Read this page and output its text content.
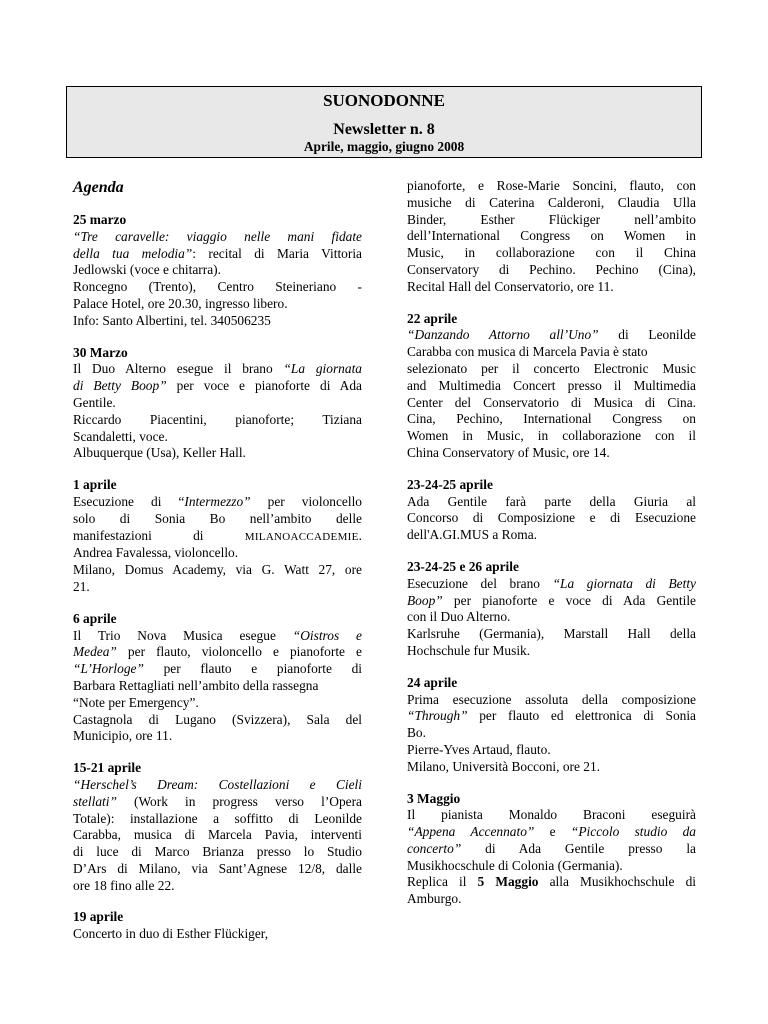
SUONODONNE
Newsletter n. 8
Aprile, maggio, giugno 2008
Agenda
25 marzo
“Tre caravelle: viaggio nelle mani fidate
della tua melodia”: recital di Maria Vittoria
Jedlowski (voce e chitarra).
Roncegno (Trento), Centro Steineriano -
Palace Hotel, ore 20.30, ingresso libero.
Info: Santo Albertini, tel. 340506235
30 Marzo
Il Duo Alterno esegue il brano “La giornata
di Betty Boop” per voce e pianoforte di Ada
Gentile.
Riccardo Piacentini, pianoforte; Tiziana
Scandaletti, voce.
Albuquerque (Usa), Keller Hall.
1 aprile
Esecuzione di “Intermezzo” per violoncello
solo di Sonia Bo nell’ambito delle
manifestazioni di MILANOACCADEMIE.
Andrea Favalessa, violoncello.
Milano, Domus Academy, via G. Watt 27, ore
21.
6 aprile
Il Trio Nova Musica esegue “Oistros e
Medea” per flauto, violoncello e pianoforte e
“L’Horloge” per flauto e pianoforte di
Barbara Rettagliati nell’ambito della rassegna
“Note per Emergency”.
Castagnola di Lugano (Svizzera), Sala del
Municipio, ore 11.
15-21 aprile
“Herschel’s Dream: Costellazioni e Cieli
stellati” (Work in progress verso l’Opera
Totale): installazione a soffitto di Leonilde
Carabba, musica di Marcela Pavia, interventi
di luce di Marco Brianza presso lo Studio
D’Ars di Milano, via Sant’Agnese 12/8, dalle
ore 18 fino alle 22.
19 aprile
Concerto in duo di Esther Flückiger,
pianoforte, e Rose-Marie Soncini, flauto, con
musiche di Caterina Calderoni, Claudia Ulla
Binder, Esther Flückiger nell’ambito
dell’International Congress on Women in
Music, in collaborazione con il China
Conservatory di Pechino. Pechino (Cina),
Recital Hall del Conservatorio, ore 11.
22 aprile
“Danzando Attorno all’Uno” di Leonilde
Carabba con musica di Marcela Pavia è stato
selezionato per il concerto Electronic Music
and Multimedia Concert presso il Multimedia
Center del Conservatorio di Musica di Cina.
Cina, Pechino, International Congress on
Women in Music, in collaborazione con il
China Conservatory of Music, ore 14.
23-24-25 aprile
Ada Gentile farà parte della Giuria al
Concorso di Composizione e di Esecuzione
dell'A.GI.MUS a Roma.
23-24-25 e 26 aprile
Esecuzione del brano “La giornata di Betty
Boop” per pianoforte e voce di Ada Gentile
con il Duo Alterno.
Karlsruhe (Germania), Marstall Hall della
Hochschule fur Musik.
24 aprile
Prima esecuzione assoluta della composizione
“Through” per flauto ed elettronica di Sonia
Bo.
Pierre-Yves Artaud, flauto.
Milano, Università Bocconi, ore 21.
3 Maggio
Il pianista Monaldo Braconi eseguirà
“Appena Accennato” e “Piccolo studio da
concerto” di Ada Gentile presso la
Musikhocschule di Colonia (Germania).
Replica il 5 Maggio alla Musikhochschule di
Amburgo.
